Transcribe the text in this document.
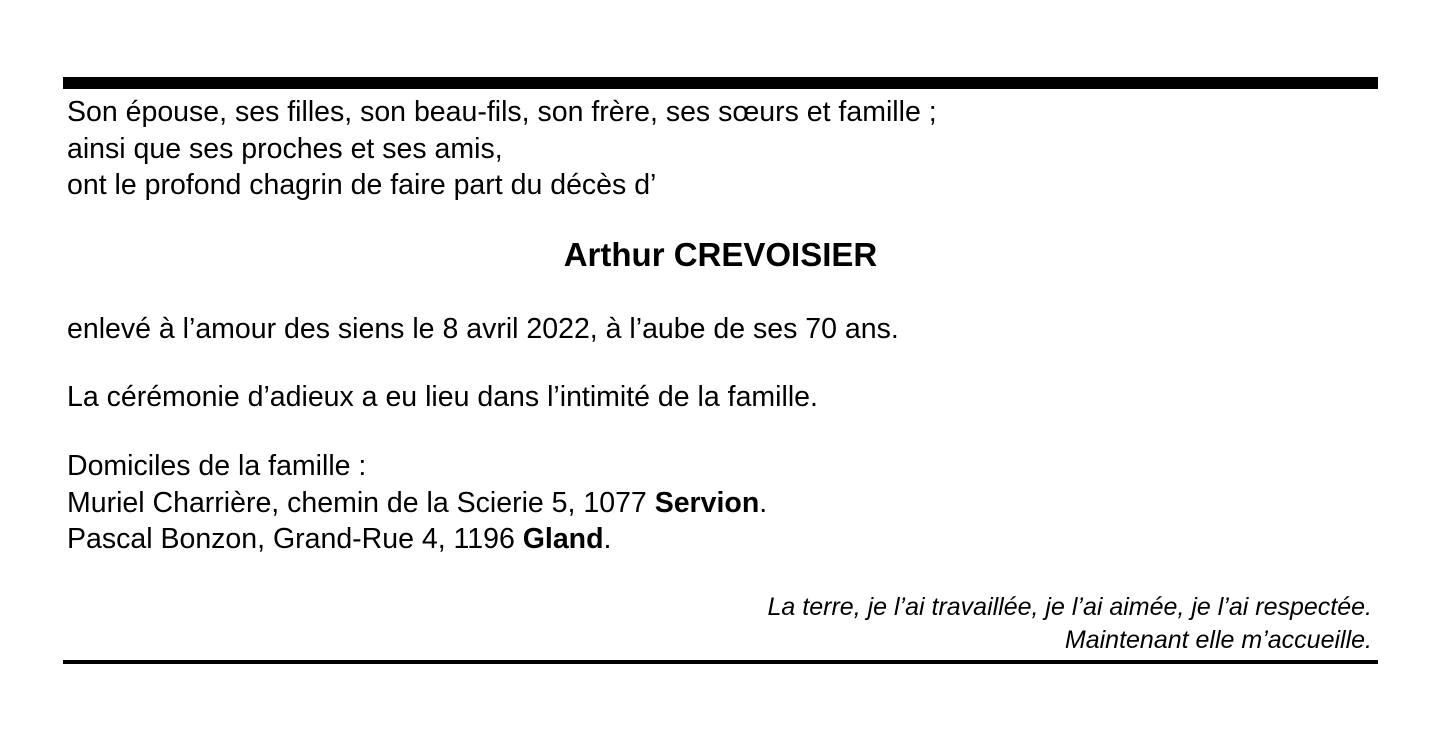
Son épouse, ses filles, son beau-fils, son frère, ses sœurs et famille ;
ainsi que ses proches et ses amis,
ont le profond chagrin de faire part du décès d’
Arthur CREVOISIER
enlevé à l’amour des siens le 8 avril 2022, à l’aube de ses 70 ans.
La cérémonie d’adieux a eu lieu dans l’intimité de la famille.
Domiciles de la famille :
Muriel Charrière, chemin de la Scierie 5, 1077 Servion.
Pascal Bonzon, Grand-Rue 4, 1196 Gland.
La terre, je l’ai travaillée, je l’ai aimée, je l’ai respectée.
Maintenant elle m’accueille.
